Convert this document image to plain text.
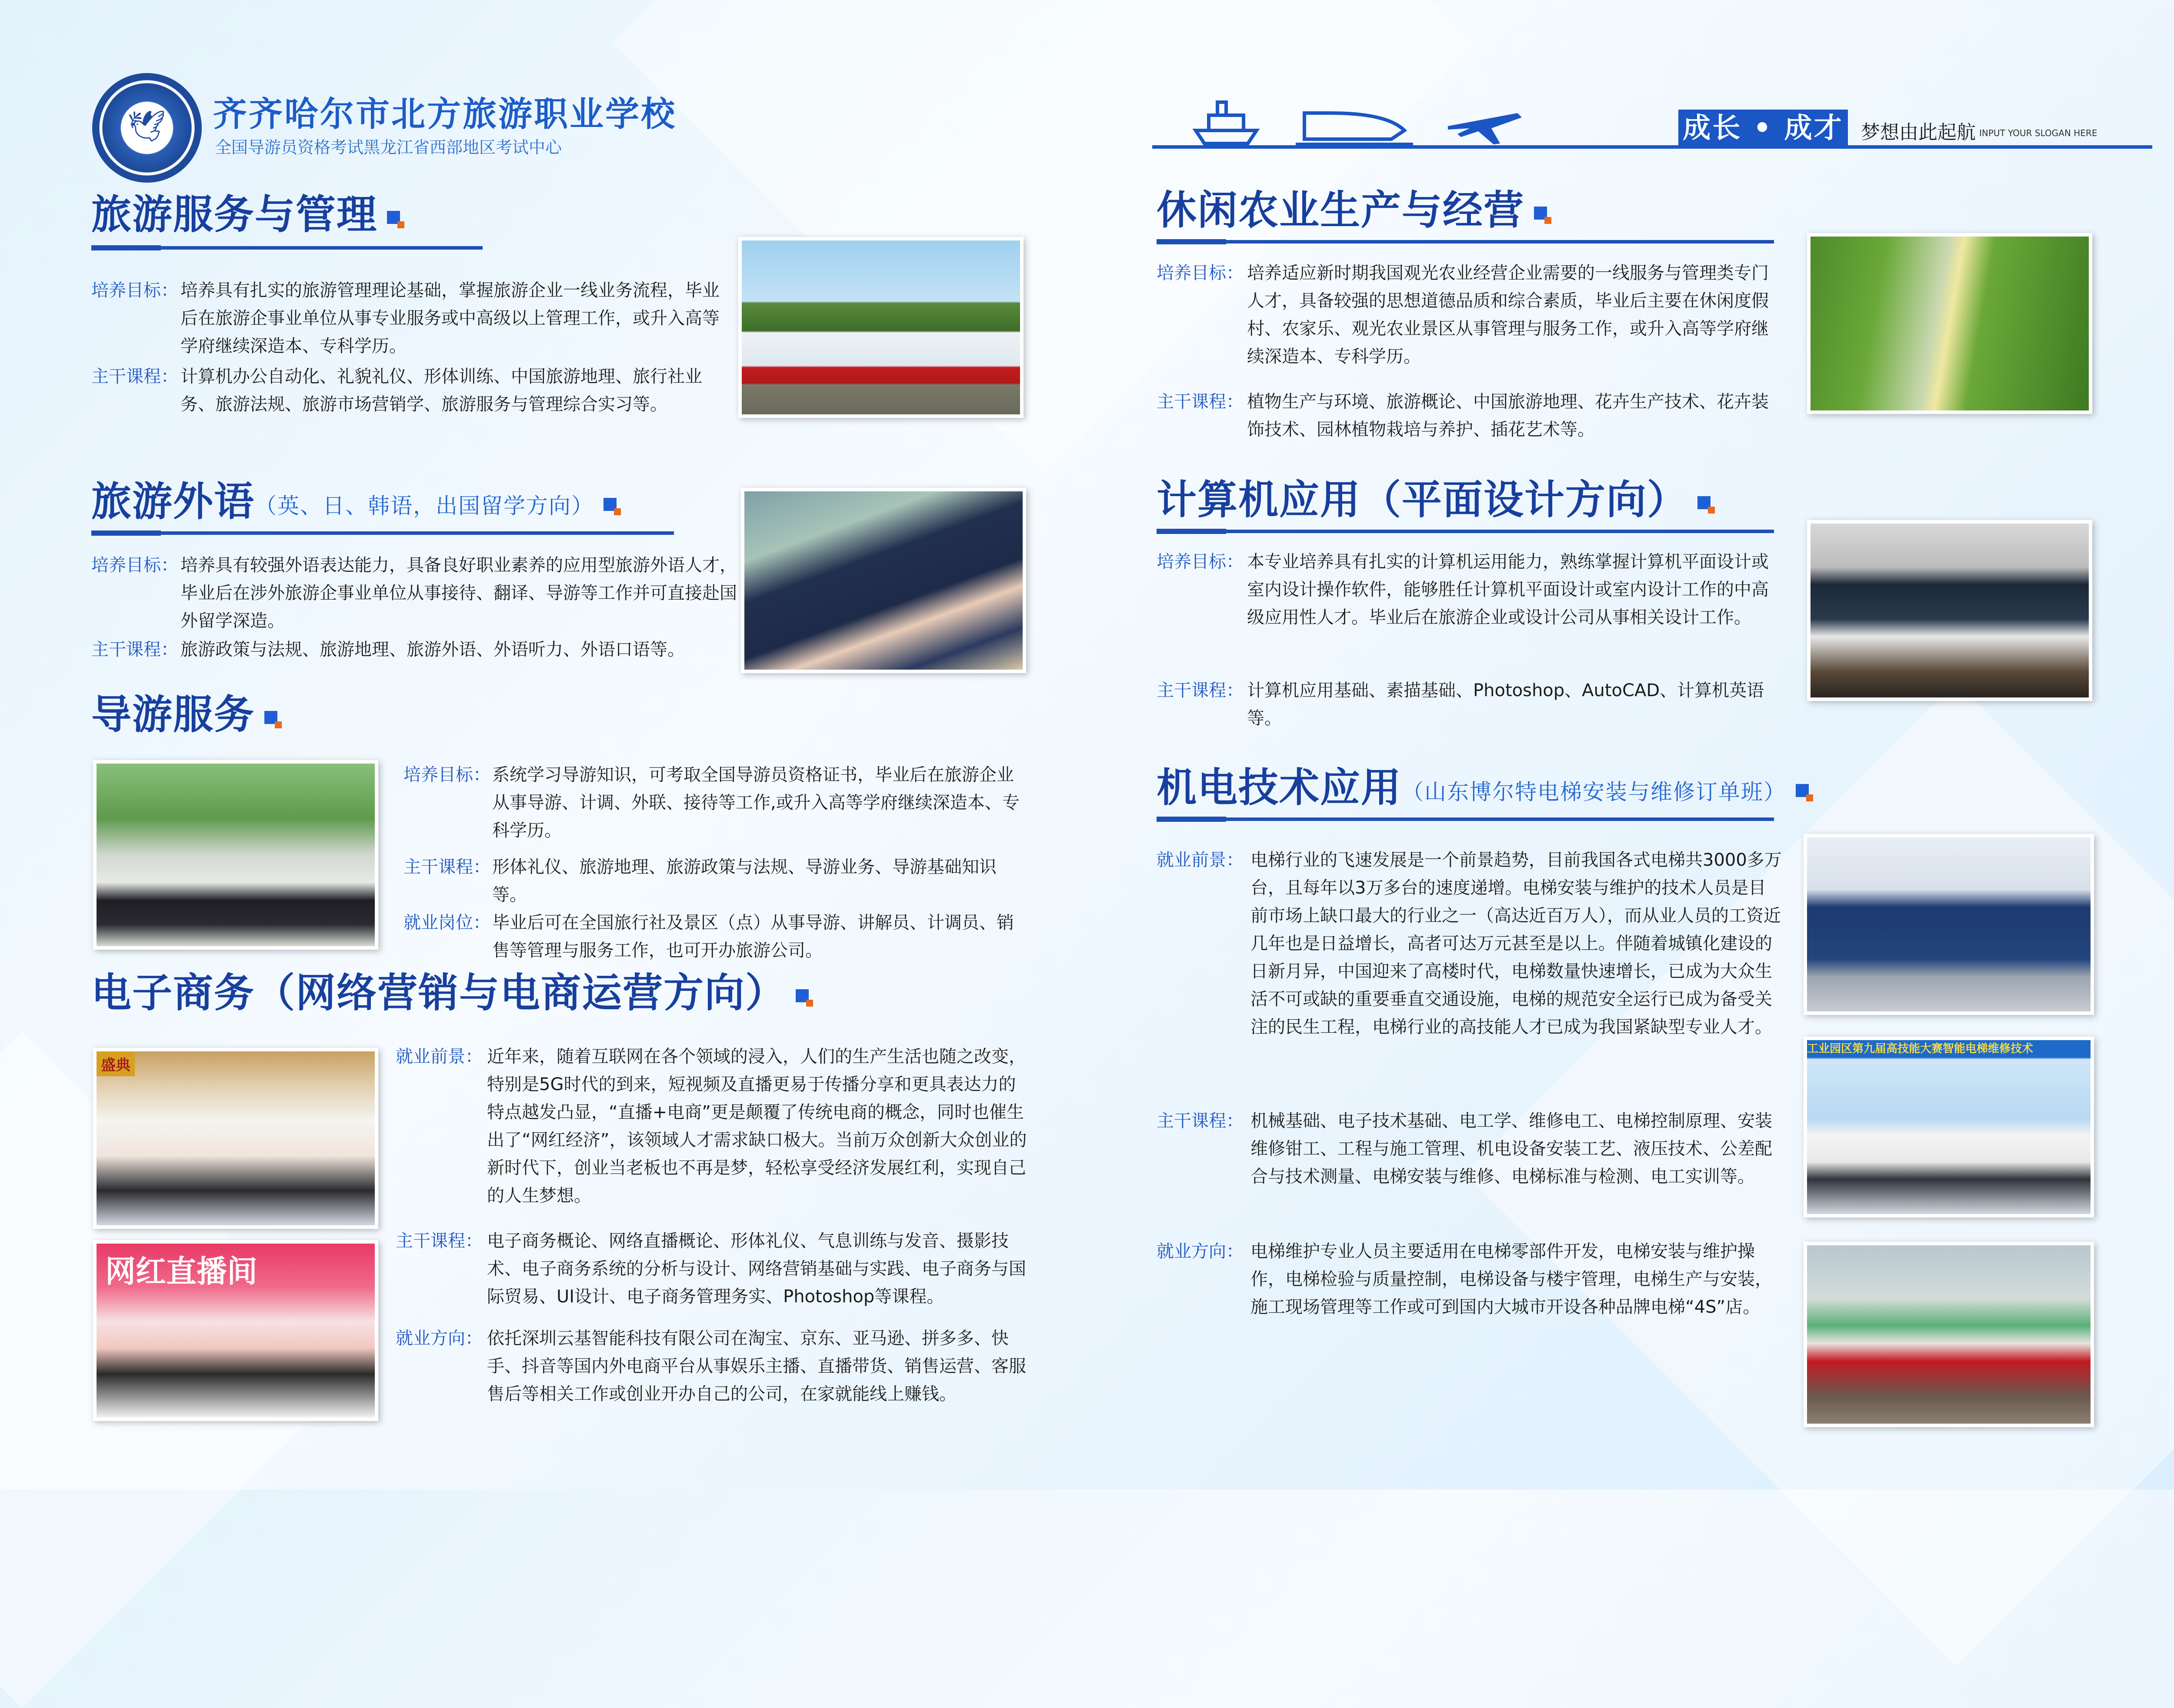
🕊 齐齐哈尔市北方旅游职业学校
全国导游员资格考试黑龙江省西部地区考试中心
旅游服务与管理
培养目标： 培养具有扎实的旅游管理理论基础，掌握旅游企业一线业务流程，毕业后在旅游企事业单位从事专业服务或中高级以上管理工作，或升入高等学府继续深造本、专科学历。
主干课程： 计算机办公自动化、礼貌礼仪、形体训练、中国旅游地理、旅行社业务、旅游法规、旅游市场营销学、旅游服务与管理综合实习等。
旅游外语（英、日、韩语，出国留学方向）
培养目标： 培养具有较强外语表达能力，具备良好职业素养的应用型旅游外语人才，毕业后在涉外旅游企事业单位从事接待、翻译、导游等工作并可直接赴国外留学深造。
主干课程： 旅游政策与法规、旅游地理、旅游外语、外语听力、外语口语等。
导游服务
培养目标： 系统学习导游知识，可考取全国导游员资格证书，毕业后在旅游企业从事导游、计调、外联、接待等工作,或升入高等学府继续深造本、专科学历。
主干课程： 形体礼仪、旅游地理、旅游政策与法规、导游业务、导游基础知识等。
就业岗位： 毕业后可在全国旅行社及景区（点）从事导游、讲解员、计调员、销售等管理与服务工作，也可开办旅游公司。
电子商务（网络营销与电商运营方向）
盛典
网红直播间
就业前景： 近年来，随着互联网在各个领域的浸入，人们的生产生活也随之改变，特别是5G时代的到来，短视频及直播更易于传播分享和更具表达力的特点越发凸显，“直播+电商”更是颠覆了传统电商的概念，同时也催生出了“网红经济”，该领域人才需求缺口极大。当前万众创新大众创业的新时代下，创业当老板也不再是梦，轻松享受经济发展红利，实现自己的人生梦想。
主干课程： 电子商务概论、网络直播概论、形体礼仪、气息训练与发音、摄影技术、电子商务系统的分析与设计、网络营销基础与实践、电子商务与国际贸易、UI设计、电子商务管理务实、Photoshop等课程。
就业方向： 依托深圳云基智能科技有限公司在淘宝、京东、亚马逊、拼多多、快手、抖音等国内外电商平台从事娱乐主播、直播带货、销售运营、客服售后等相关工作或创业开办自己的公司，在家就能线上赚钱。
成长 • 成才 梦想由此起航 INPUT YOUR SLOGAN HERE
休闲农业生产与经营
培养目标： 培养适应新时期我国观光农业经营企业需要的一线服务与管理类专门人才，具备较强的思想道德品质和综合素质，毕业后主要在休闲度假村、农家乐、观光农业景区从事管理与服务工作，或升入高等学府继续深造本、专科学历。
主干课程： 植物生产与环境、旅游概论、中国旅游地理、花卉生产技术、花卉装饰技术、园林植物栽培与养护、插花艺术等。
计算机应用（平面设计方向）
培养目标： 本专业培养具有扎实的计算机运用能力，熟练掌握计算机平面设计或室内设计操作软件，能够胜任计算机平面设计或室内设计工作的中高级应用性人才。毕业后在旅游企业或设计公司从事相关设计工作。
主干课程： 计算机应用基础、素描基础、Photoshop、AutoCAD、计算机英语等。
机电技术应用（山东博尔特电梯安装与维修订单班）
就业前景： 电梯行业的飞速发展是一个前景趋势，目前我国各式电梯共3000多万台，且每年以3万多台的速度递增。电梯安装与维护的技术人员是目前市场上缺口最大的行业之一（高达近百万人），而从业人员的工资近几年也是日益增长，高者可达万元甚至是以上。伴随着城镇化建设的日新月异，中国迎来了高楼时代，电梯数量快速增长，已成为大众生活不可或缺的重要垂直交通设施，电梯的规范安全运行已成为备受关注的民生工程，电梯行业的高技能人才已成为我国紧缺型专业人才。
主干课程： 机械基础、电子技术基础、电工学、维修电工、电梯控制原理、安装维修钳工、工程与施工管理、机电设备安装工艺、液压技术、公差配合与技术测量、电梯安装与维修、电梯标准与检测、电工实训等。
就业方向： 电梯维护专业人员主要适用在电梯零部件开发，电梯安装与维护操作，电梯检验与质量控制，电梯设备与楼宇管理，电梯生产与安装，施工现场管理等工作或可到国内大城市开设各种品牌电梯“4S”店。
工业园区第九届高技能大赛智能电梯维修技术
